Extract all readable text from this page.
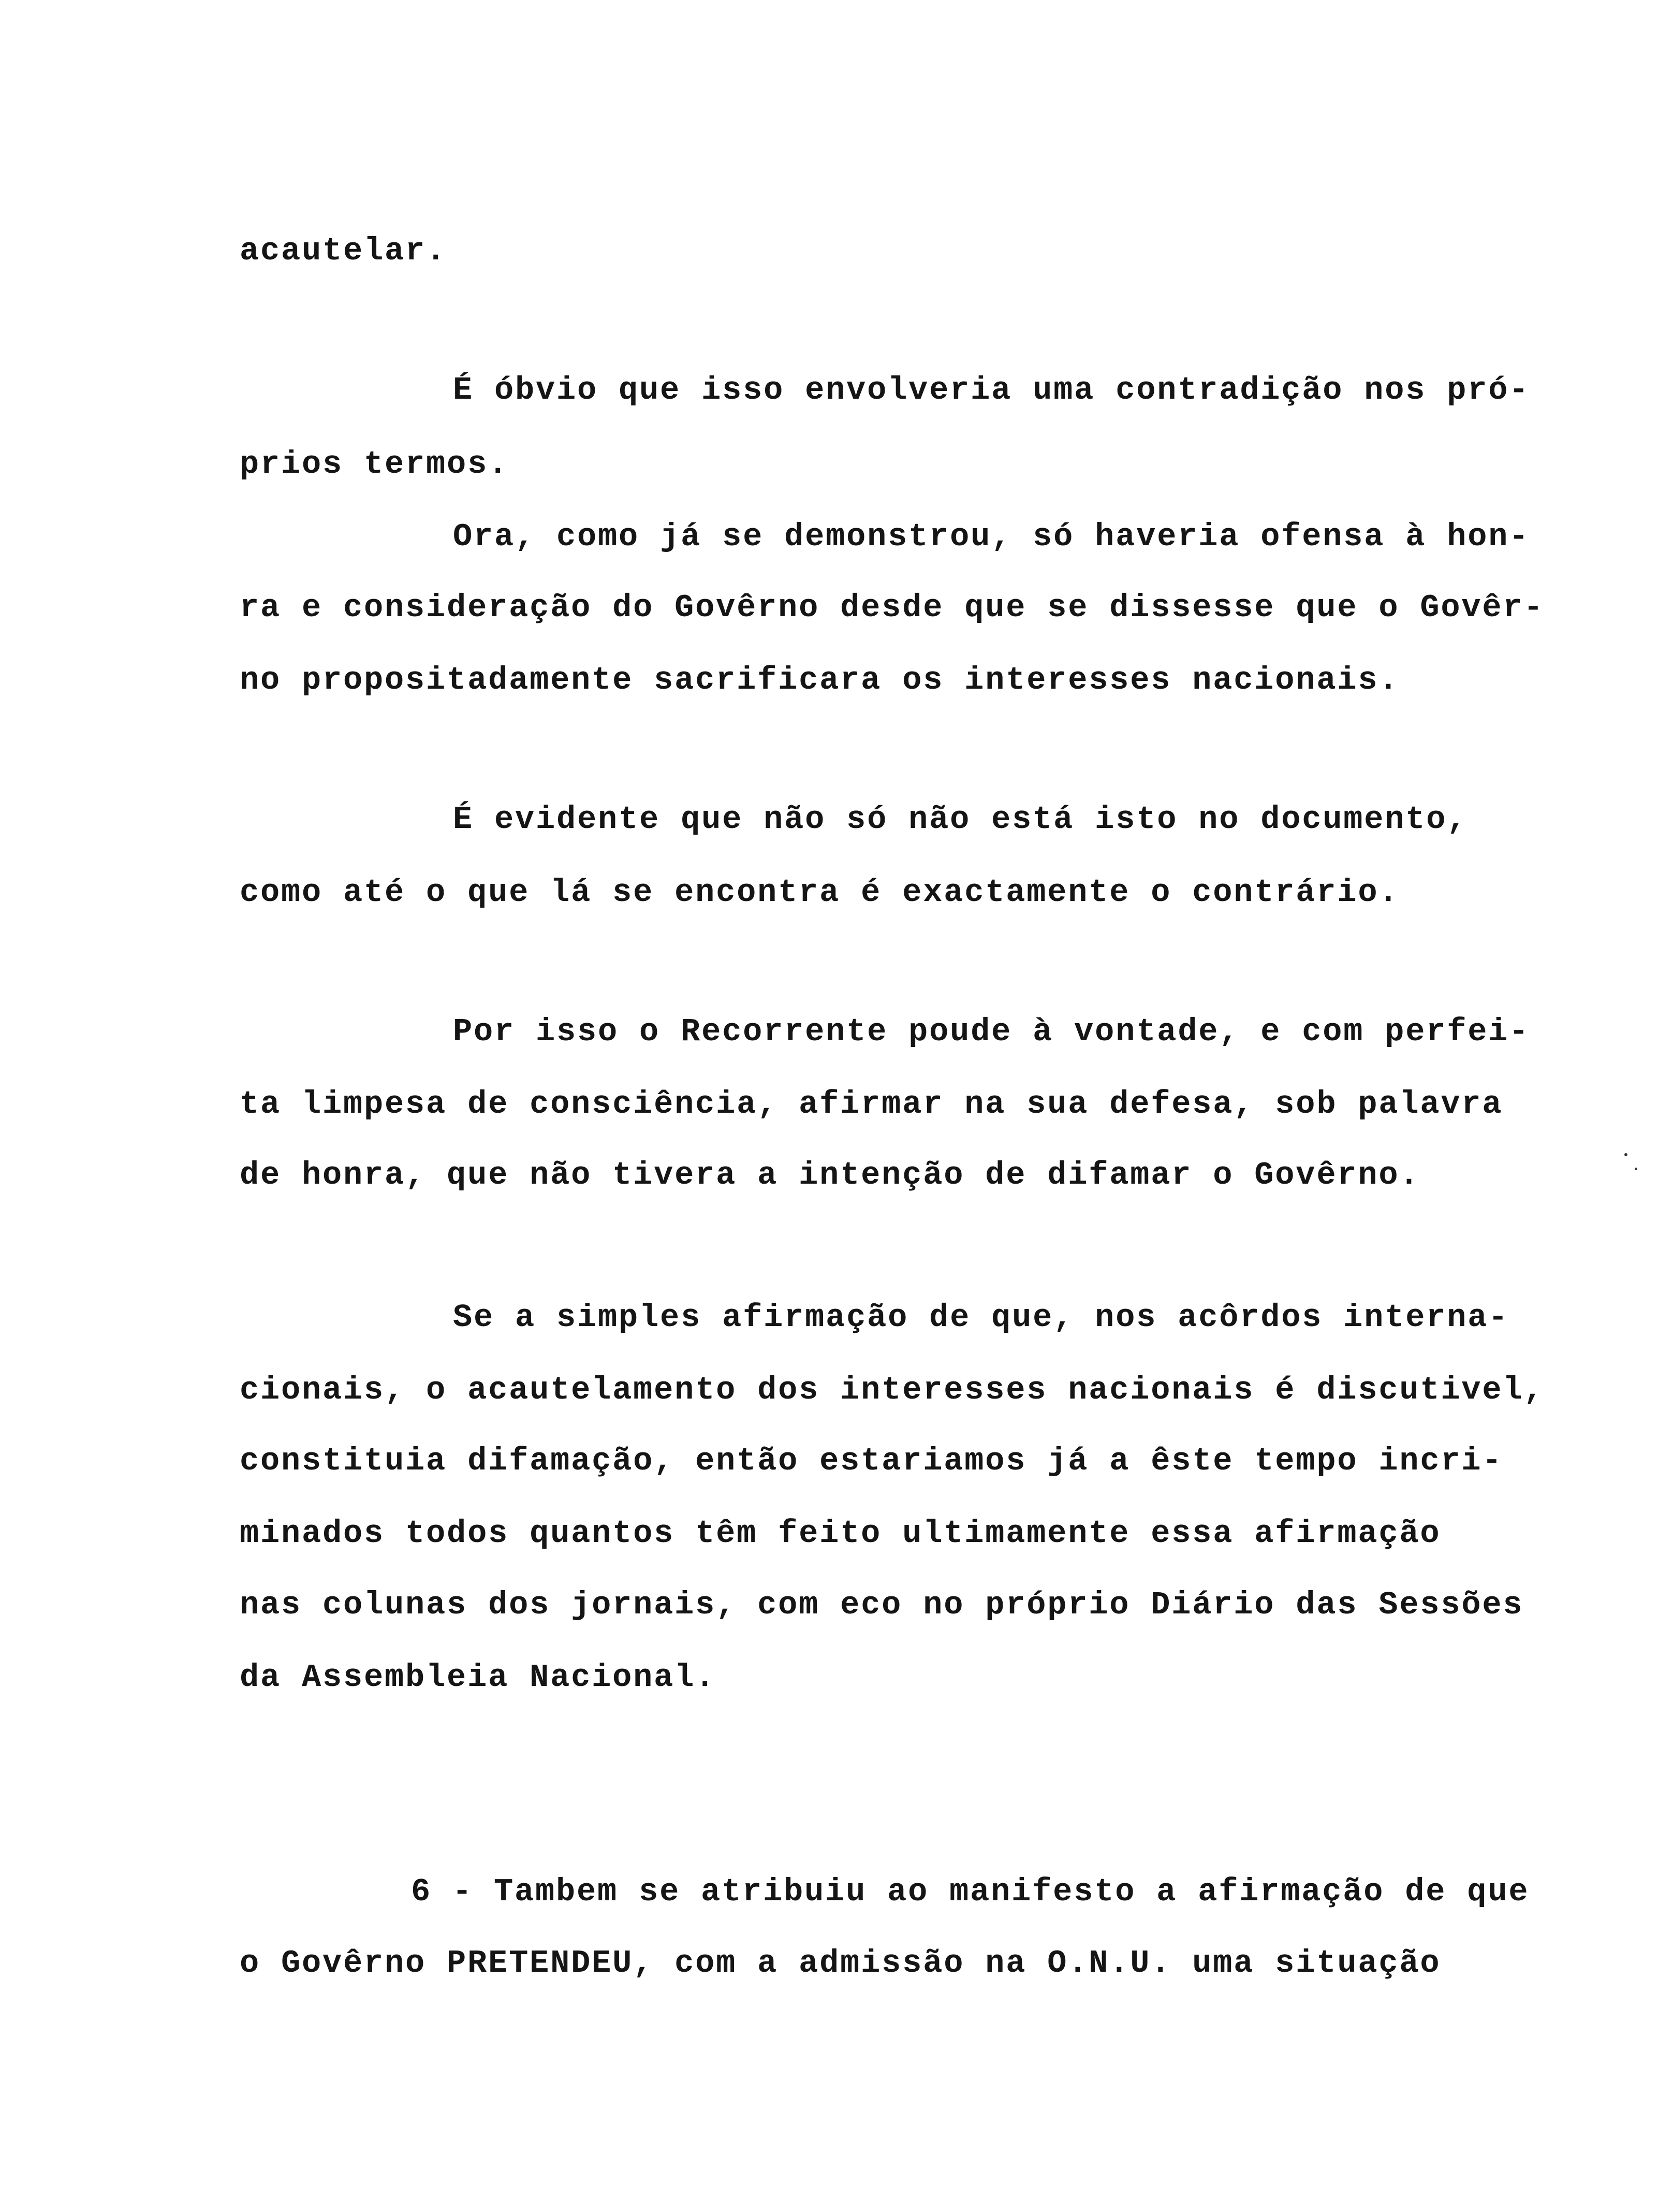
acautelar.
É óbvio que isso envolveria uma contradição nos pró-
prios termos.
Ora, como já se demonstrou, só haveria ofensa à hon-
ra e consideração do Govêrno desde que se dissesse que o Govêr-
no propositadamente sacrificara os interesses nacionais.
É evidente que não só não está isto no documento,
como até o que lá se encontra é exactamente o contrário.
Por isso o Recorrente poude à vontade, e com perfei-
ta limpesa de consciência, afirmar na sua defesa, sob palavra
de honra, que não tivera a intenção de difamar o Govêrno.
Se a simples afirmação de que, nos acôrdos interna-
cionais, o acautelamento dos interesses nacionais é discutivel,
constituia difamação, então estariamos já a êste tempo incri-
minados todos quantos têm feito ultimamente essa afirmação
nas colunas dos jornais, com eco no próprio Diário das Sessões
da Assembleia Nacional.
6 - Tambem se atribuiu ao manifesto a afirmação de que
o Govêrno PRETENDEU, com a admissão na O.N.U. uma situação
